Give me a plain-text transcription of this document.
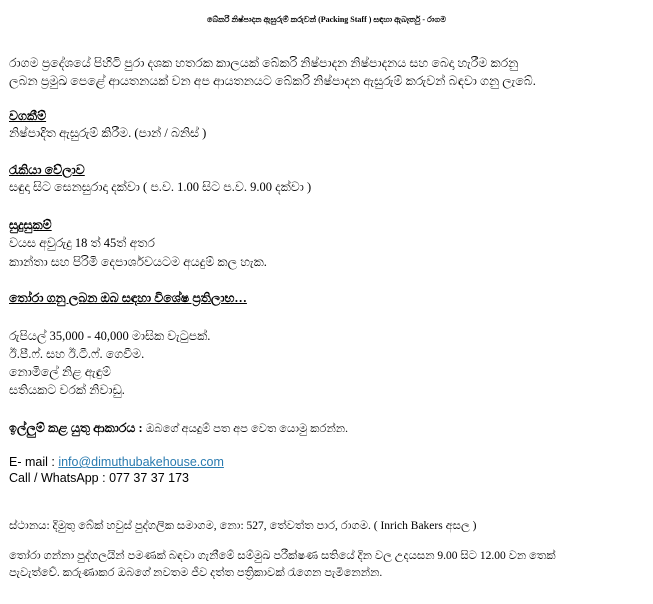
බේකරි නිෂ්පාදන ඇසුරුම් කරුවන් (Packing Staff ) සඳහා ඇබෑර්තු - රාගම
රාගම ප්‍රදේශයේ පිහිටි පුරා දශක හතරක කාලයක් බේකරි නිෂ්පාදන නිෂ්පාදනය සහ බෙදා හැරීම කරනු
ලබන ප්‍රමුඛ පෙළේ ආයතනයක් වන අප ආයතනයට බේකරි නිෂ්පාදන ඇසුරුම් කරුවන් බඳවා ගනු ලැබේ.
වගකීම්
නිෂ්පාදිත ඇසුරුම් කිරීම. (පාන් / බනිස් )
රැකියා වේලාව
සඳුදා සිට සෙනසුරාදා දක්වා ( ප.ව. 1.00 සිට ප.ව. 9.00 දක්වා )
සුදුසුකම්
වයස අවුරුදු 18 ත් 45ත් අතර
කාන්තා සහ පිරිමි දෙපාර්ශවයටම අයදුම් කල හැක.
තෝරා ගනු ලබන ඔබ සඳහා විශේෂ ප්‍රතිලාභ…
රුපියල් 35,000 - 40,000 මාසික වැටුපක්.
ඊ.පී.ෆ්. සහ ඊ.ටී.ෆ්. ගෙවීම.
නොමිලේ නිළ ඇඳුම්
සතියකට වරක් නිවාඩු.
ඉල්ලුම් කළ යුතු ආකාරය : ඔබගේ අයදුම් පත අප වෙත යොමු කරන්න.
E- mail : info@dimuthubakehouse.com
Call / WhatsApp : 077 37 37 173
ස්ථානය: දිමුතු බේක් හවුස් පුද්ගලික සමාගම, නො: 527, තේවත්ත පාර, රාගම. ( Inrich Bakers අසල )
තෝරා ගන්නා පුද්ගලයින් පමණක් බඳවා ගැනීමේ සම්මුඛ පරීක්ෂණ සතියේ දින වල උදයසන 9.00 සිට 12.00 වන තෙක්
පැවැත්වේ. කරුණාකර ඔබගේ නවතම ජීව දත්ත පත්‍රිකාවක් රැගෙන පැමිනෙන්න.
